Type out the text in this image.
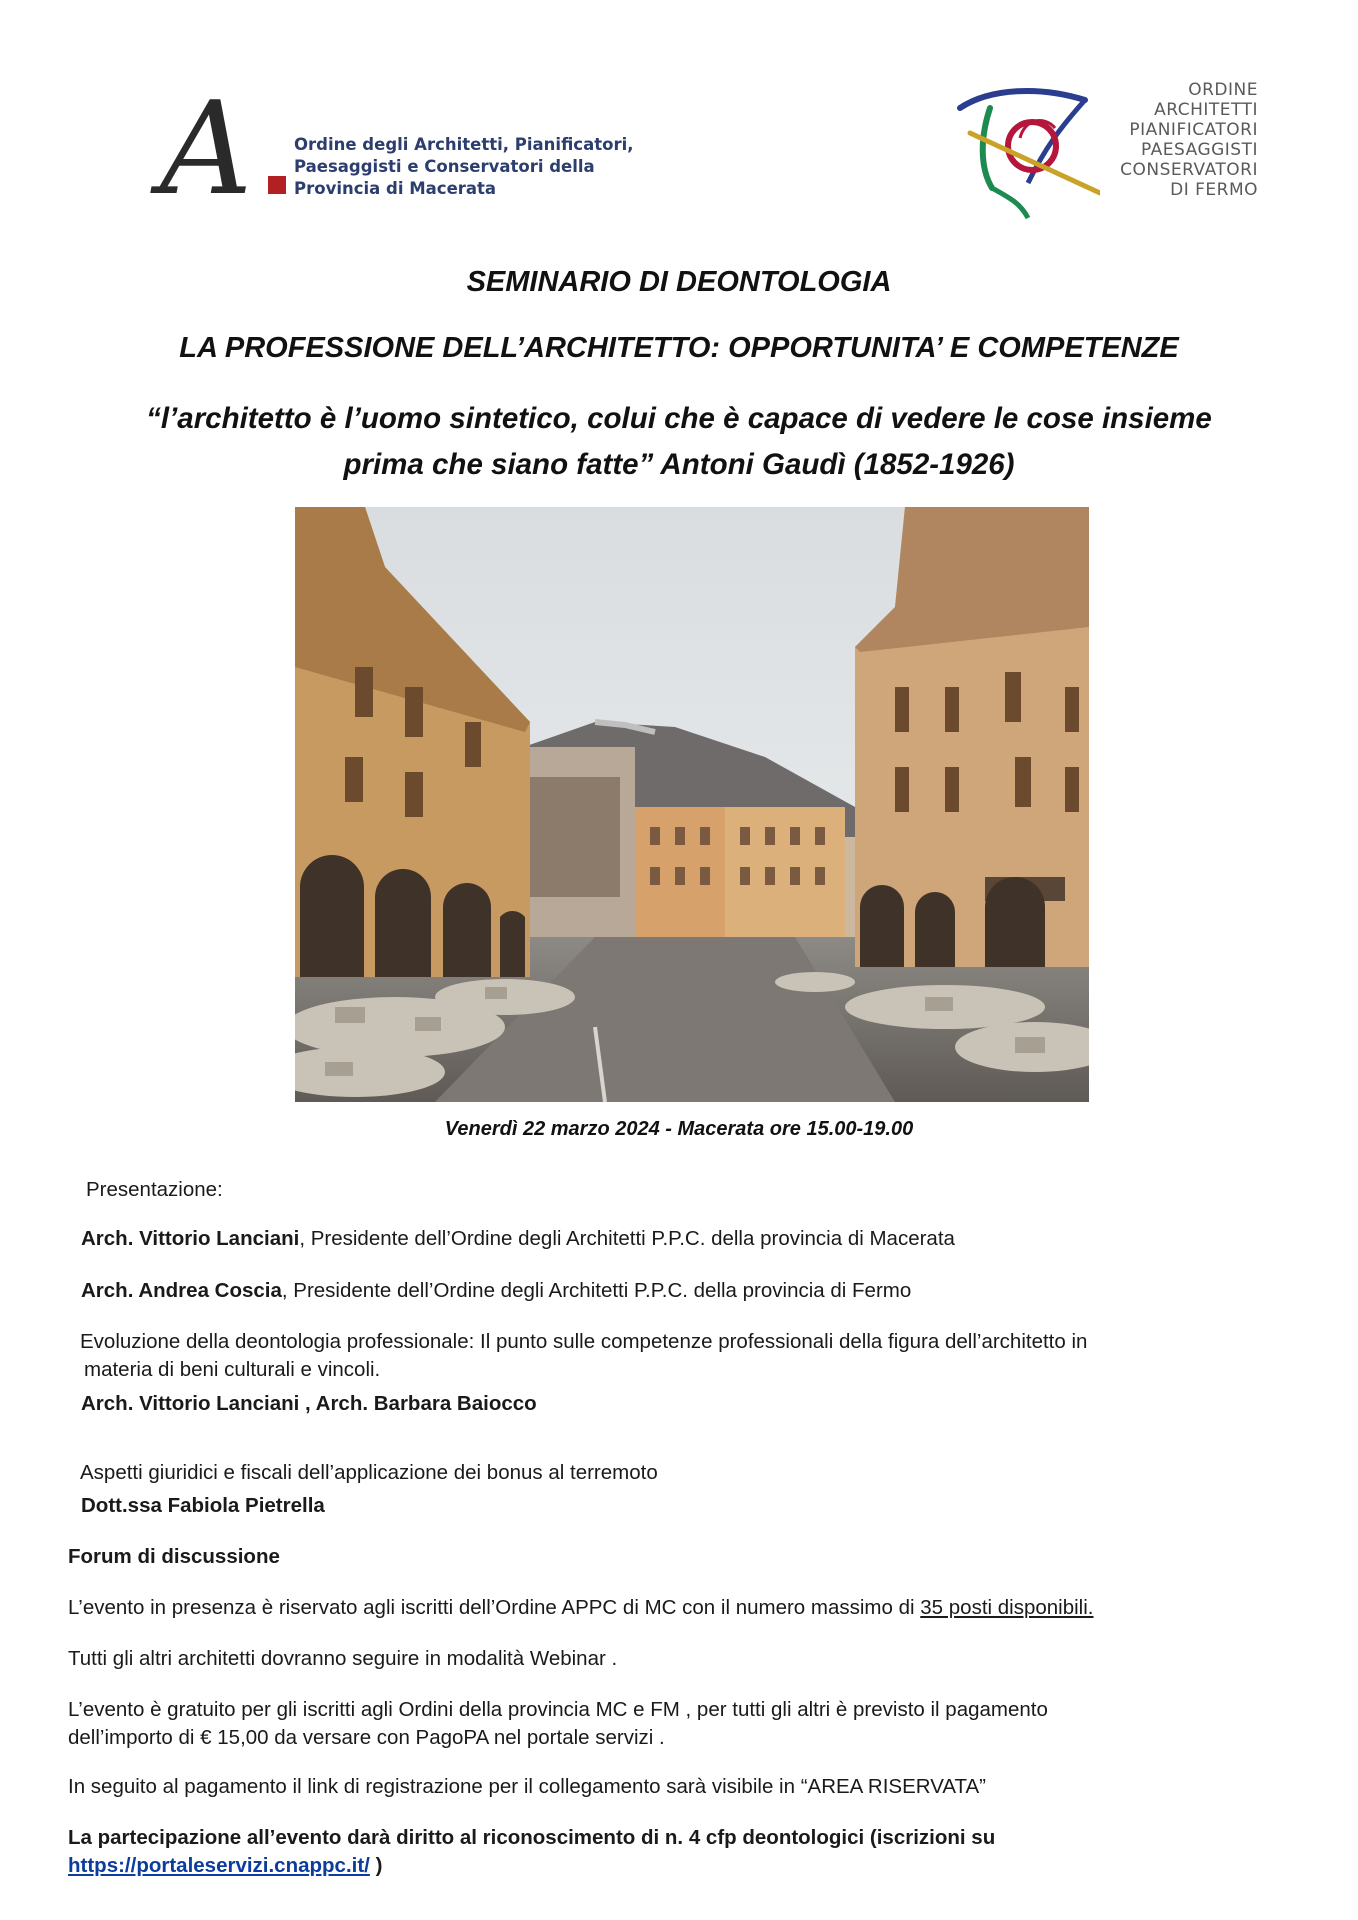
A	Ordine degli Architetti, Pianificatori,
Paesaggisti e Conservatori della
Provincia di Macerata
ORDINE
ARCHITETTI
PIANIFICATORI
PAESAGGISTI
CONSERVATORI
DI FERMO
SEMINARIO DI DEONTOLOGIA
LA PROFESSIONE DELL’ARCHITETTO: OPPORTUNITA’ E COMPETENZE
“l’architetto è l’uomo sintetico, colui che è capace di vedere le cose insieme
prima che siano fatte” Antoni Gaudì (1852-1926)
Venerdì 22 marzo 2024 - Macerata ore 15.00-19.00
Presentazione:
Arch. Vittorio Lanciani, Presidente dell’Ordine degli Architetti P.P.C. della provincia di Macerata
Arch. Andrea Coscia, Presidente dell’Ordine degli Architetti P.P.C. della provincia di Fermo
Evoluzione della deontologia professionale: Il punto sulle competenze professionali della figura dell’architetto in
materia di beni culturali e vincoli.
Arch. Vittorio Lanciani , Arch. Barbara Baiocco
Aspetti giuridici e fiscali dell’applicazione dei bonus al terremoto
Dott.ssa Fabiola Pietrella
Forum di discussione
L’evento in presenza è riservato agli iscritti dell’Ordine APPC di MC con il numero massimo di 35 posti disponibili.
Tutti gli altri architetti dovranno seguire in modalità Webinar .
L’evento è gratuito per gli iscritti agli Ordini della provincia MC e FM , per tutti gli altri è previsto il pagamento
dell’importo di € 15,00 da versare con PagoPA nel portale servizi .
In seguito al pagamento il link di registrazione per il collegamento sarà visibile in “AREA RISERVATA”
La partecipazione all’evento darà diritto al riconoscimento di n. 4 cfp deontologici (iscrizioni su
https://portaleservizi.cnappc.it/ )
